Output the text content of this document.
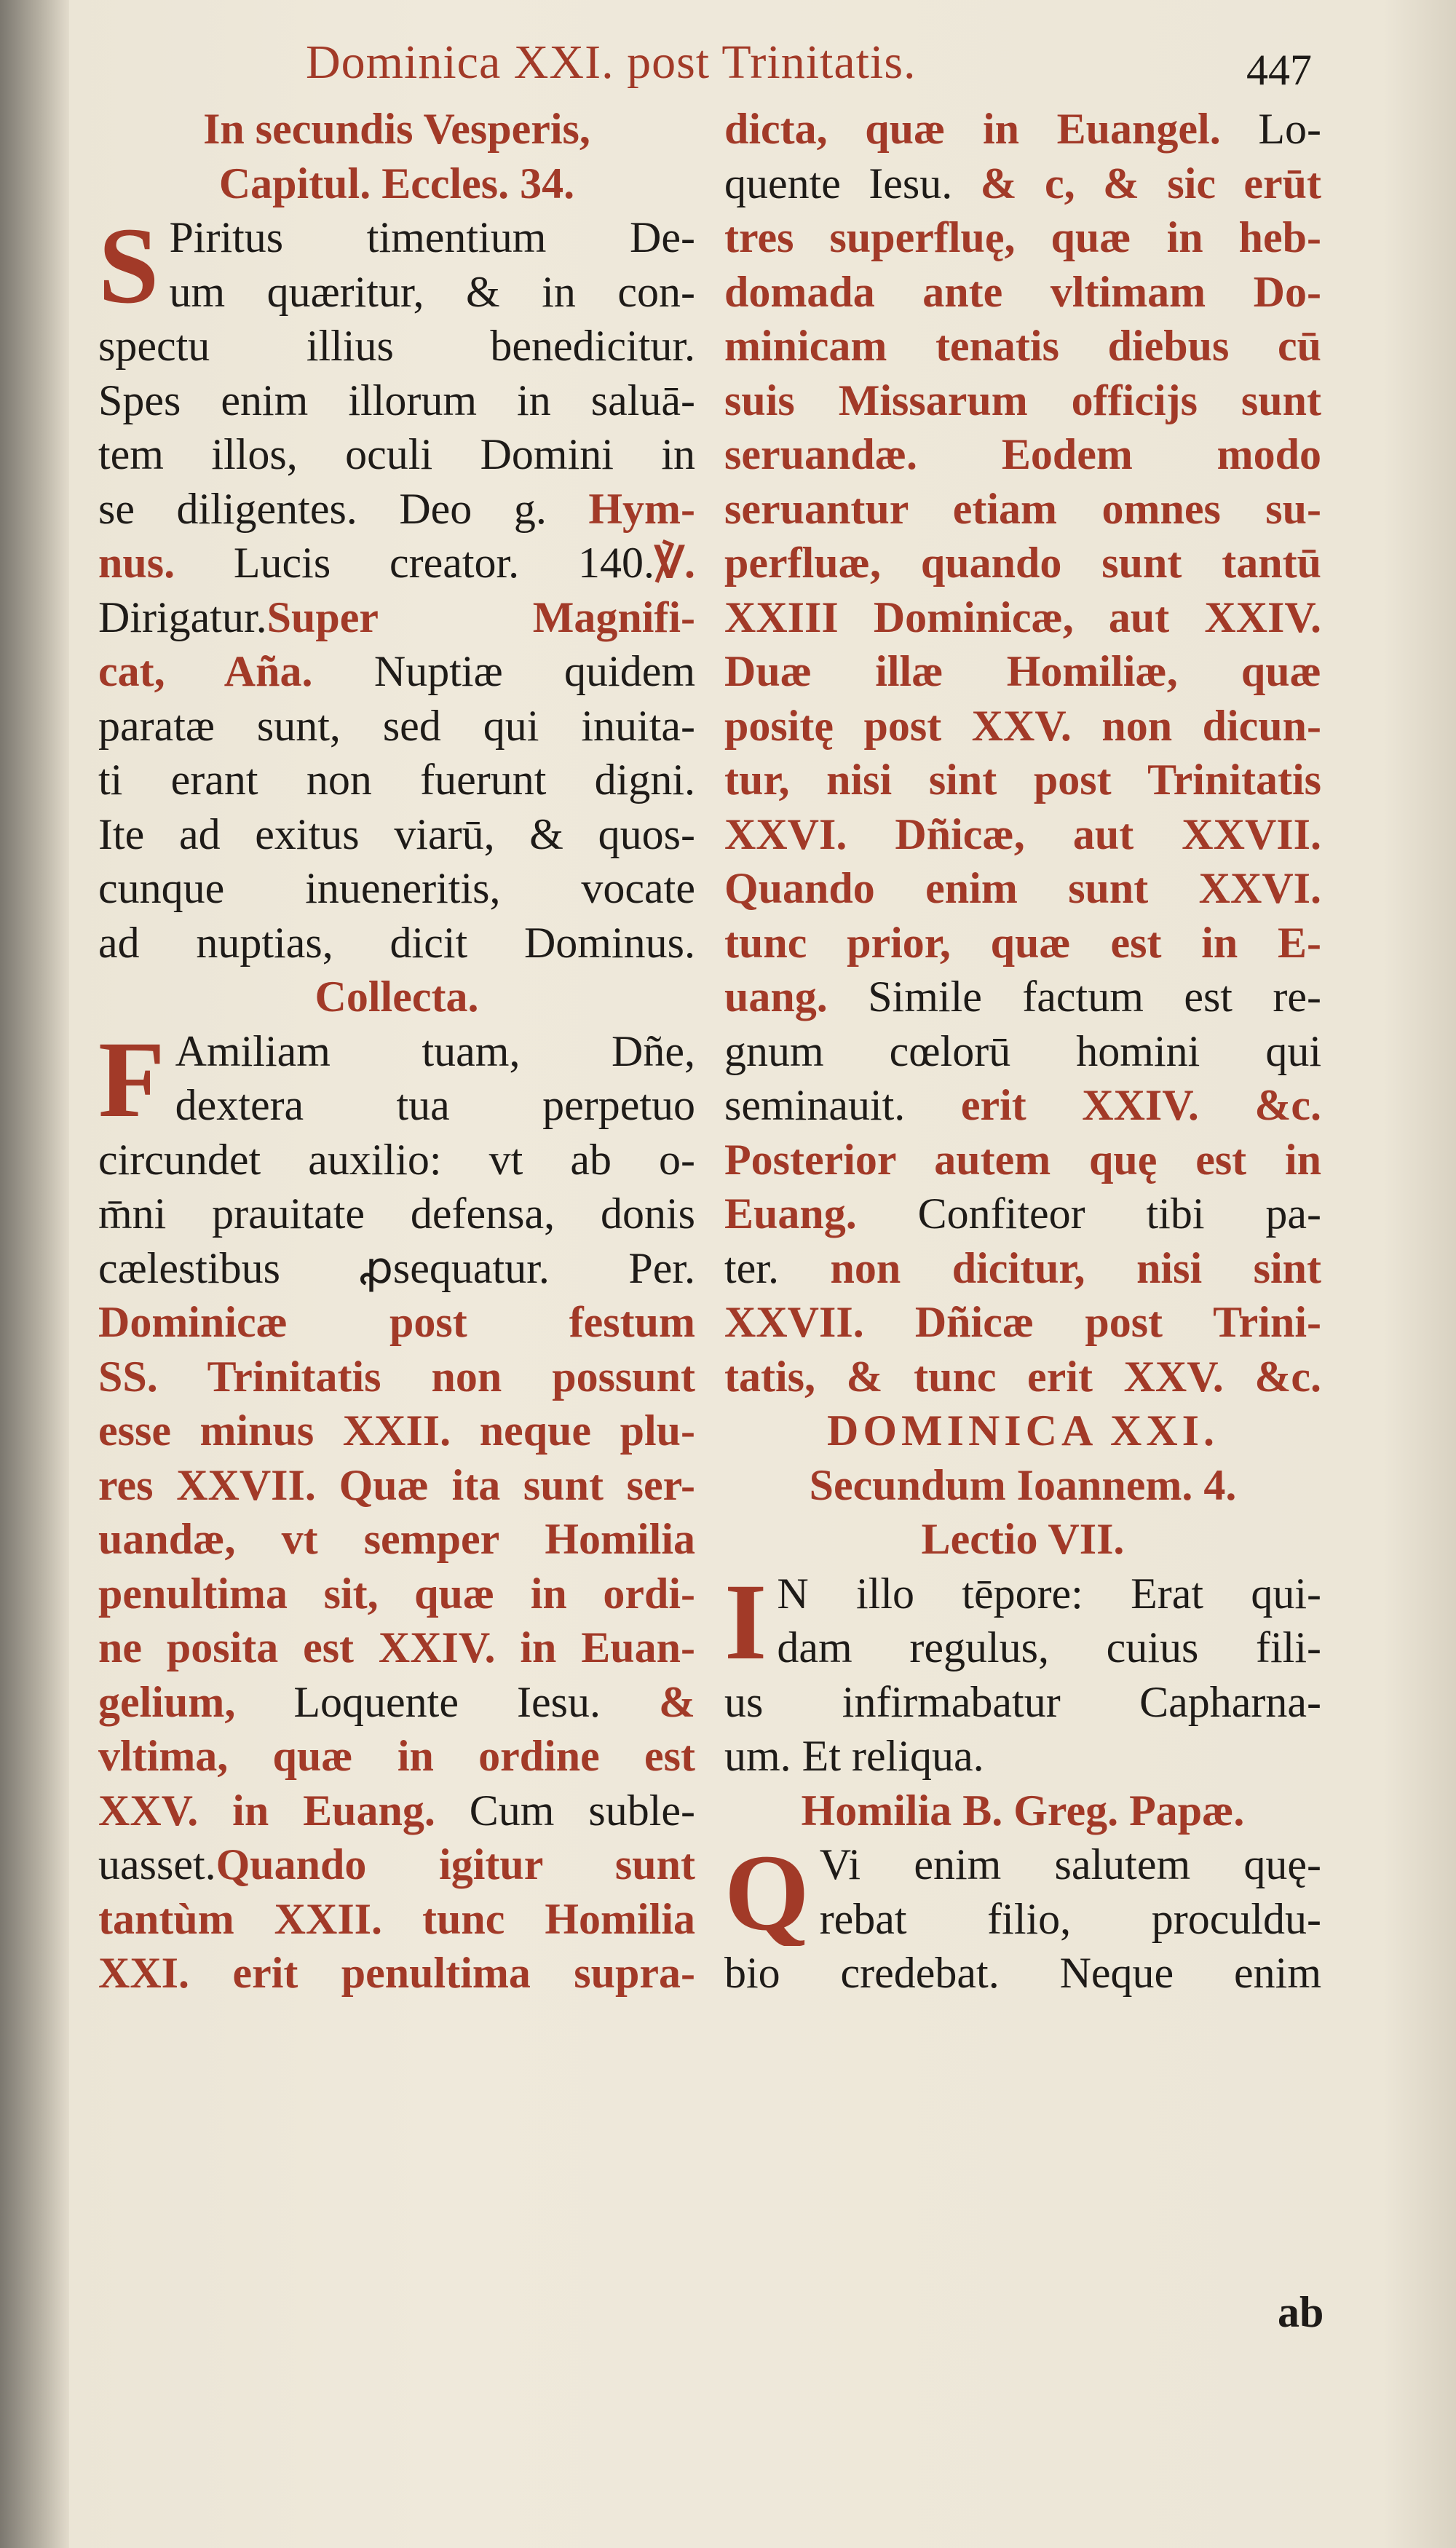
Dominica XXI. post Trinitatis.	447
In secundis Vesperis,
Capitul. Eccles. 34.
S Piritus timentium De-
um quæritur, & in con-
spectu illius benedicitur.
Spes enim illorum in saluā-
tem illos, oculi Domini in
se diligentes. Deo g. Hym-
nus. Lucis creator. 140.℣.
Dirigatur.Super Magnifi-
cat, Aña. Nuptiæ quidem
paratæ sunt, sed qui inuita-
ti erant non fuerunt digni.
Ite ad exitus viarū, & quos-
cunque inueneritis, vocate
ad nuptias, dicit Dominus.
Collecta.
F Amiliam tuam, Dñe,
dextera tua perpetuo
circundet auxilio: vt ab o-
m̄ni prauitate defensa, donis
cælestibus ꝓsequatur. Per.
Dominicæ post festum
SS. Trinitatis non possunt
esse minus XXII. neque plu-
res XXVII. Quæ ita sunt ser-
uandæ, vt semper Homilia
penultima sit, quæ in ordi-
ne posita est XXIV. in Euan-
gelium, Loquente Iesu. &
vltima, quæ in ordine est
XXV. in Euang. Cum suble-
uasset.Quando igitur sunt
tantùm XXII. tunc Homilia
XXI. erit penultima supra-
dicta, quæ in Euangel. Lo-
quente Iesu. & c, & sic erūt
tres superfluę, quæ in heb-
domada ante vltimam Do-
minicam tenatis diebus cū
suis Missarum officijs sunt
seruandæ. Eodem modo
seruantur etiam omnes su-
perfluæ, quando sunt tantū
XXIII Dominicæ, aut XXIV.
Duæ illæ Homiliæ, quæ
positę post XXV. non dicun-
tur, nisi sint post Trinitatis
XXVI. Dñicæ, aut XXVII.
Quando enim sunt XXVI.
tunc prior, quæ est in E-
uang. Simile factum est re-
gnum cœlorū homini qui
seminauit. erit XXIV. &c.
Posterior autem quę est in
Euang. Confiteor tibi pa-
ter. non dicitur, nisi sint
XXVII. Dñicæ post Trini-
tatis, & tunc erit XXV. &c.
DOMINICA XXI.
Secundum Ioannem. 4.
Lectio VII.
I N illo tēpore: Erat qui-
dam regulus, cuius fili-
us infirmabatur Capharna-
um. Et reliqua.
Homilia B. Greg. Papæ.
Q Vi enim salutem quę-
rebat filio, proculdu-
bio credebat. Neque enim
ab
